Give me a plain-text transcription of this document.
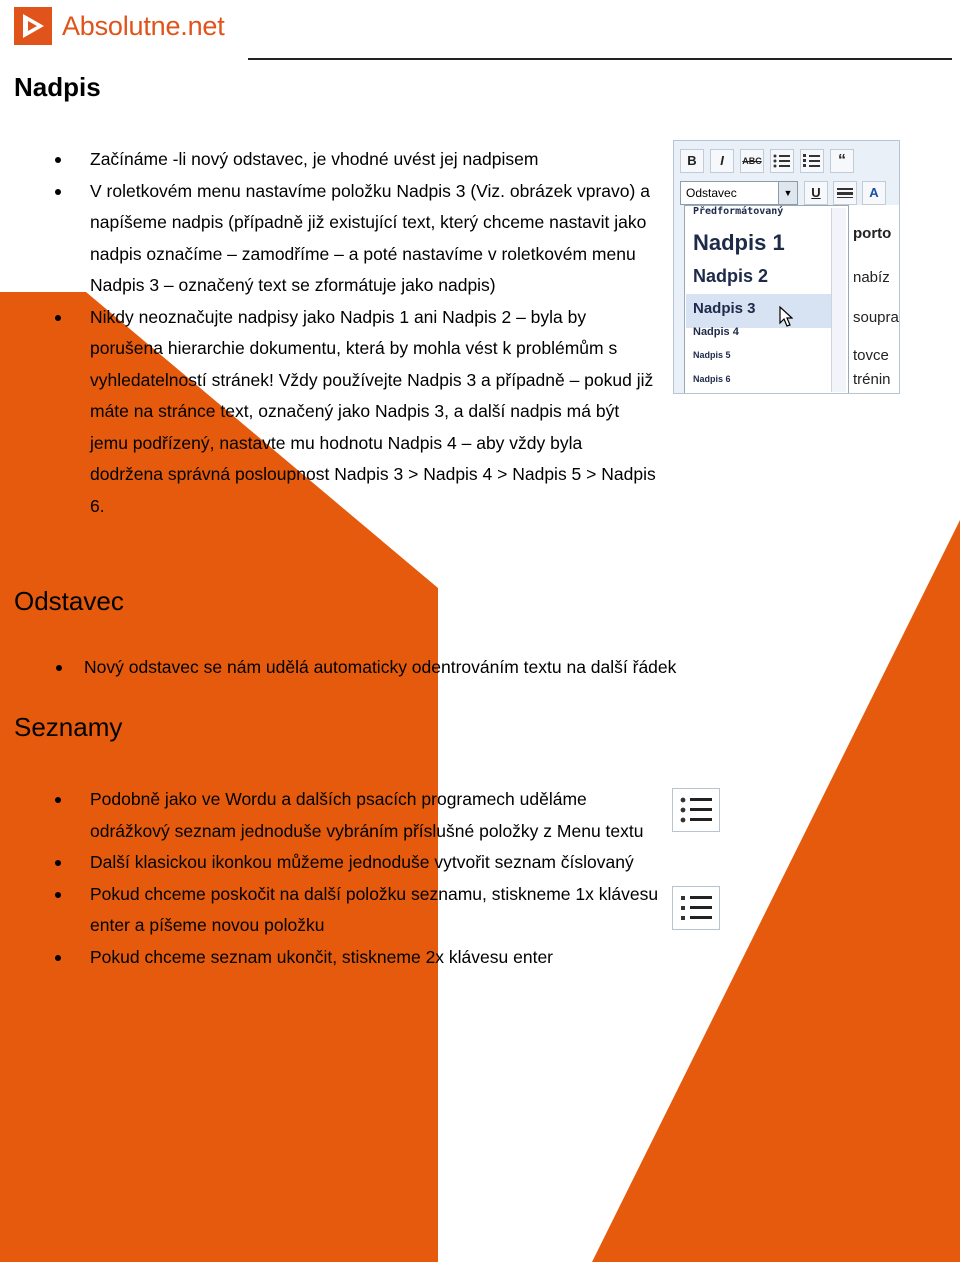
Absolutne.net
Nadpis
Začínáme -li nový odstavec, je vhodné uvést jej nadpisem
V roletkovém menu nastavíme položku Nadpis 3 (Viz. obrázek vpravo) a napíšeme nadpis (případně již existující text, který chceme nastavit jako nadpis označíme – zamodříme – a poté nastavíme v roletkovém menu Nadpis 3 – označený text se zformátuje jako nadpis)
Nikdy neoznačujte nadpisy jako Nadpis 1 ani Nadpis 2 – byla by porušena hierarchie dokumentu, která by mohla vést k problémům s vyhledatelností stránek! Vždy používejte Nadpis 3 a případně – pokud již máte na stránce text, označený jako Nadpis 3, a další nadpis má být jemu podřízený, nastavte mu hodnotu Nadpis 4 – aby vždy byla dodržena správná posloupnost Nadpis 3 > Nadpis 4 > Nadpis 5 > Nadpis 6.
B	I	ABC	“
Odstavec	▼	U	A
Předformátovaný
Nadpis 1
Nadpis 2
Nadpis 3
Nadpis 4
Nadpis 5
Nadpis 6
porto
nabíz
soupra
tovce
trénin
Odstavec
Nový odstavec se nám udělá automaticky odentrováním textu na další řádek
Seznamy
Podobně jako ve Wordu a dalších psacích programech uděláme odrážkový seznam jednoduše vybráním příslušné položky z Menu textu
Další klasickou ikonkou můžeme jednoduše vytvořit seznam číslovaný
Pokud chceme poskočit na další položku seznamu, stiskneme 1x klávesu enter a píšeme novou položku
Pokud chceme seznam ukončit, stiskneme 2x klávesu enter
